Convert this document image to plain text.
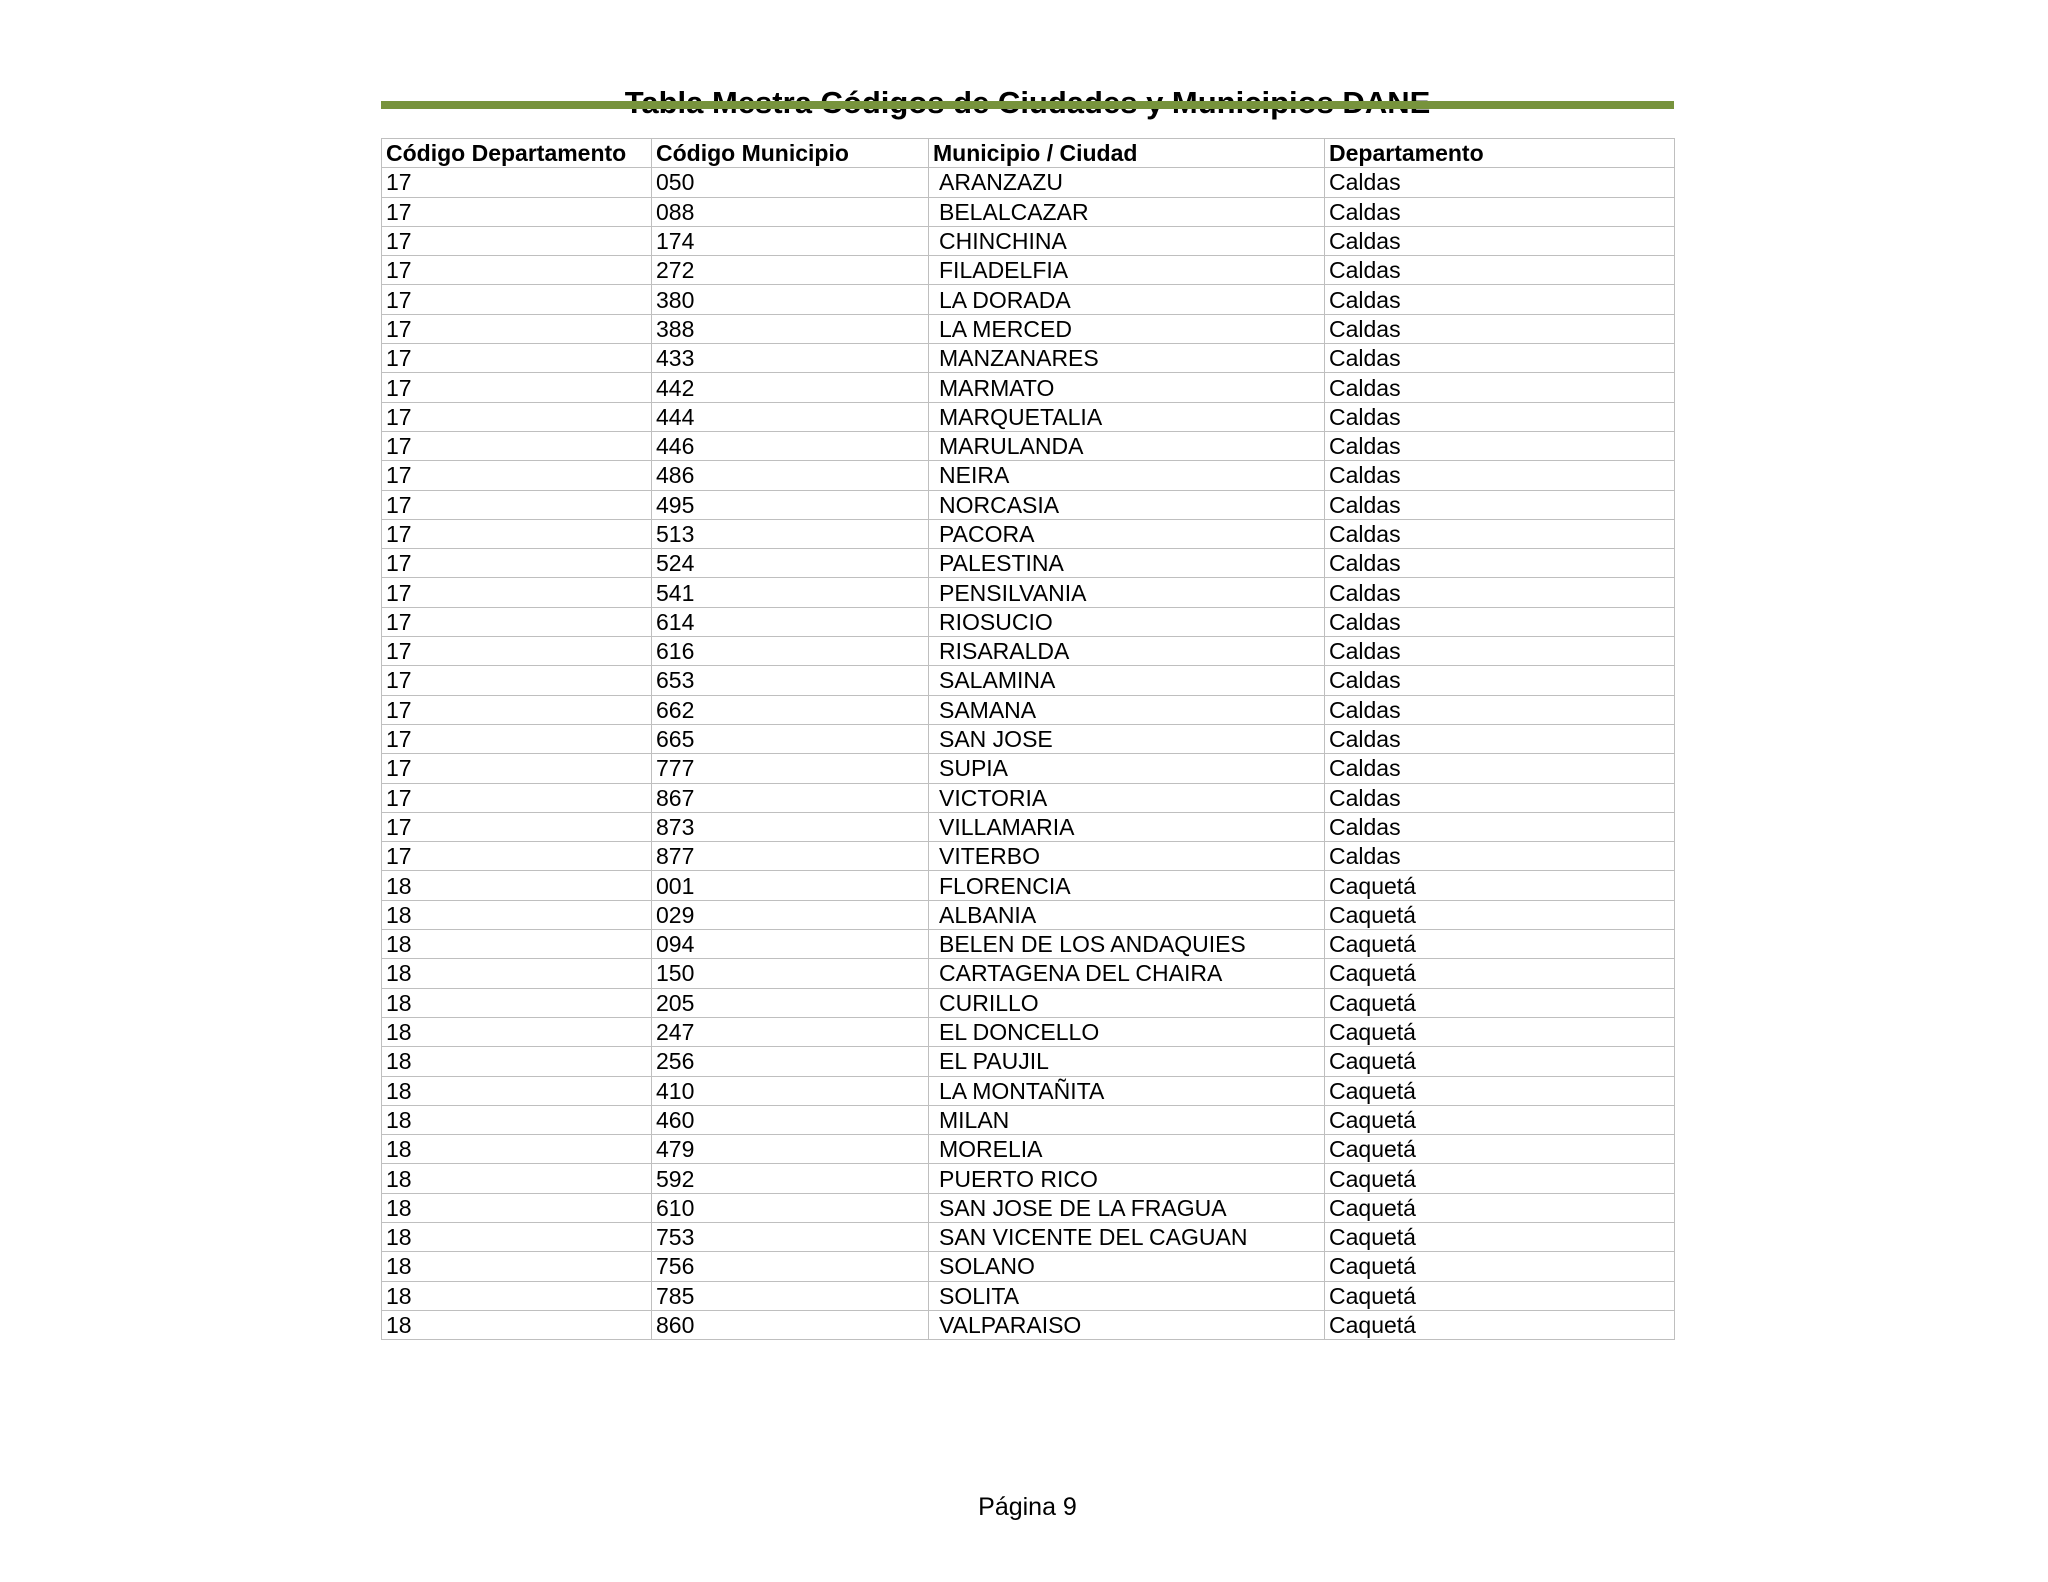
Código Departamento	Código Municipio	Municipio / Ciudad	Departamento
17	050	ARANZAZU	Caldas
17	088	BELALCAZAR	Caldas
17	174	CHINCHINA	Caldas
17	272	FILADELFIA	Caldas
17	380	LA DORADA	Caldas
17	388	LA MERCED	Caldas
17	433	MANZANARES	Caldas
17	442	MARMATO	Caldas
17	444	MARQUETALIA	Caldas
17	446	MARULANDA	Caldas
17	486	NEIRA	Caldas
17	495	NORCASIA	Caldas
17	513	PACORA	Caldas
17	524	PALESTINA	Caldas
17	541	PENSILVANIA	Caldas
17	614	RIOSUCIO	Caldas
17	616	RISARALDA	Caldas
17	653	SALAMINA	Caldas
17	662	SAMANA	Caldas
17	665	SAN JOSE	Caldas
17	777	SUPIA	Caldas
17	867	VICTORIA	Caldas
17	873	VILLAMARIA	Caldas
17	877	VITERBO	Caldas
18	001	FLORENCIA	Caquetá
18	029	ALBANIA	Caquetá
18	094	BELEN DE LOS ANDAQUIES	Caquetá
18	150	CARTAGENA DEL CHAIRA	Caquetá
18	205	CURILLO	Caquetá
18	247	EL DONCELLO	Caquetá
18	256	EL PAUJIL	Caquetá
18	410	LA MONTAÑITA	Caquetá
18	460	MILAN	Caquetá
18	479	MORELIA	Caquetá
18	592	PUERTO RICO	Caquetá
18	610	SAN JOSE DE LA FRAGUA	Caquetá
18	753	SAN VICENTE DEL CAGUAN	Caquetá
18	756	SOLANO	Caquetá
18	785	SOLITA	Caquetá
18	860	VALPARAISO	Caquetá
Página 9
